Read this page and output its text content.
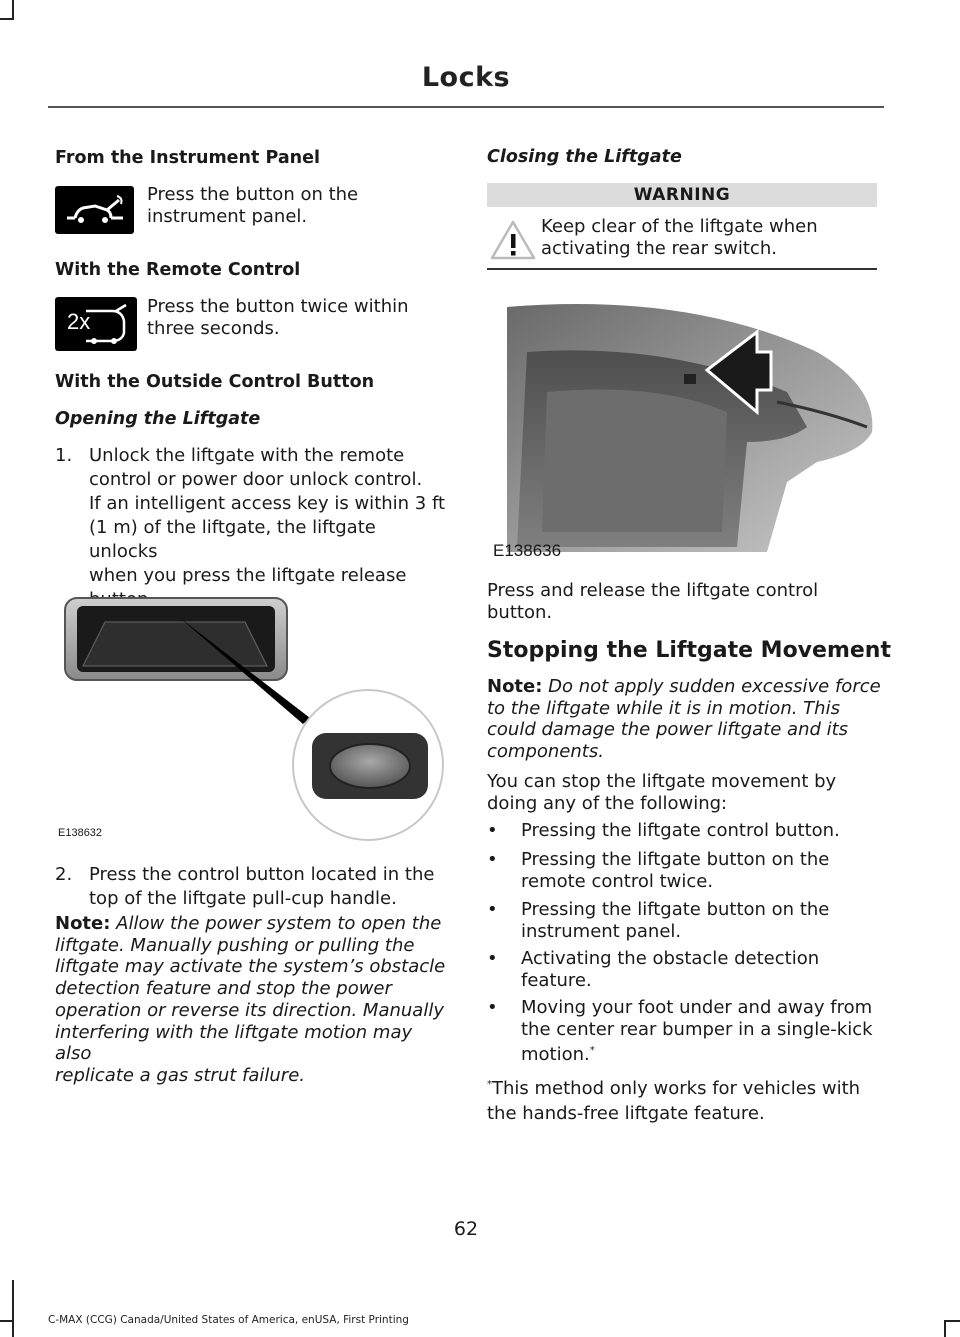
Locks
From the Instrument Panel
Press the button on the
instrument panel.
With the Remote Control
2x
Press the button twice within
three seconds.
With the Outside Control Button
Opening the Liftgate
1. Unlock the liftgate with the remote
control or power door unlock control.
If an intelligent access key is within 3 ft
(1 m) of the liftgate, the liftgate unlocks
when you press the liftgate release
E138632
2. Press the control button located in the
top of the liftgate pull-cup handle.
Note: Allow the power system to open the
liftgate. Manually pushing or pulling the
liftgate may activate the system’s obstacle
detection feature and stop the power
operation or reverse its direction. Manually
interfering with the liftgate motion may also
replicate a gas strut failure.
Closing the Liftgate
WARNING
Keep clear of the liftgate when
activating the rear switch.
E138636
Press and release the liftgate control
button.
Stopping the Liftgate Movement
Note: Do not apply sudden excessive force
to the liftgate while it is in motion. This
could damage the power liftgate and its
components.
You can stop the liftgate movement by
doing any of the following:
• Pressing the liftgate control button.
• Pressing the liftgate button on the
remote control twice.
• Pressing the liftgate button on the
instrument panel.
• Activating the obstacle detection
feature.
• Moving your foot under and away from
the center rear bumper in a single-kick
motion.*
*This method only works for vehicles with
the hands-free liftgate feature.
62
C-MAX (CCG) Canada/United States of America, enUSA, First Printing
